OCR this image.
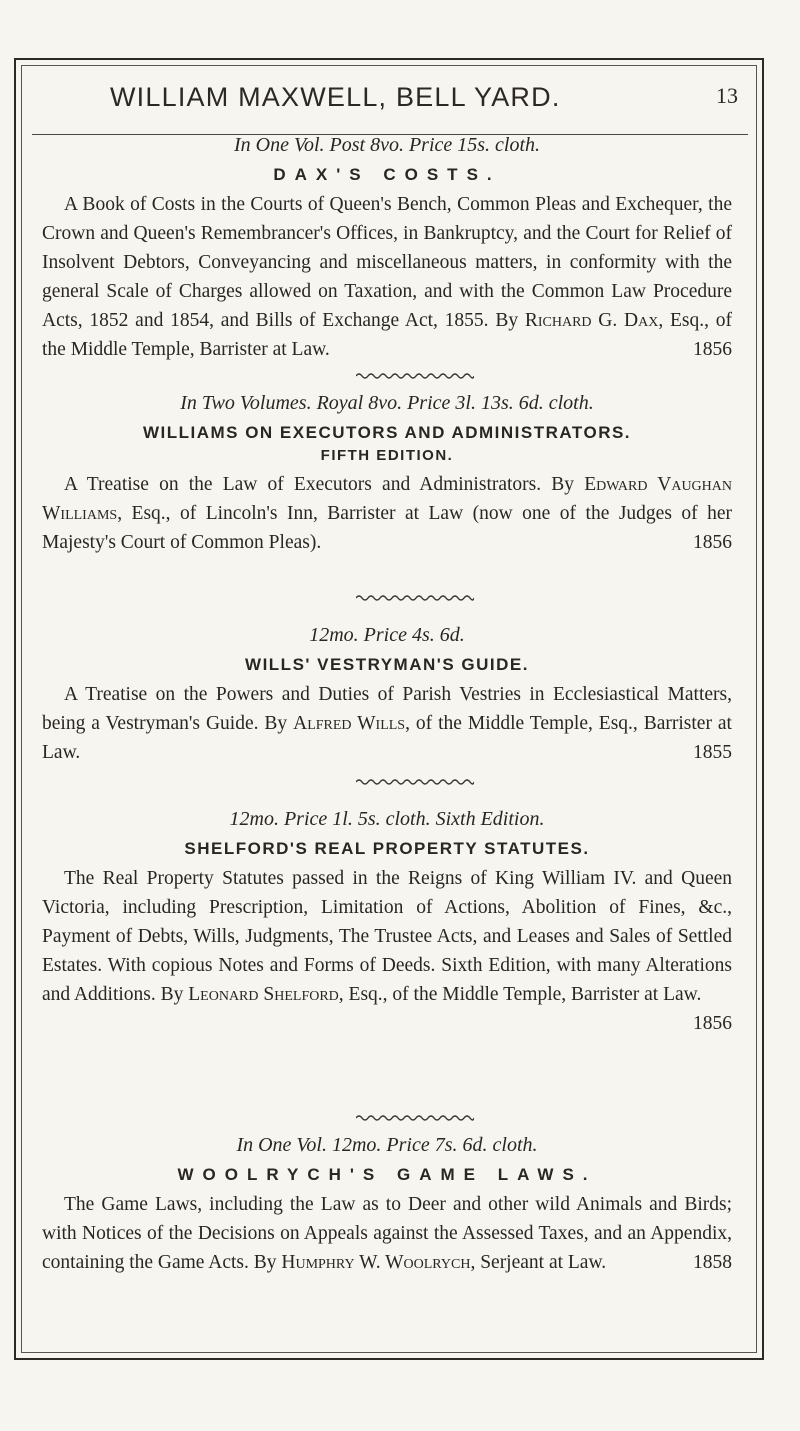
WILLIAM MAXWELL, BELL YARD.	13

In One Vol. Post 8vo. Price 15s. cloth.

DAX'S COSTS.

A Book of Costs in the Courts of Queen's Bench, Common Pleas and Exchequer, the Crown and Queen's Remembrancer's Offices, in Bankruptcy, and the Court for Relief of Insolvent Debtors, Conveyancing and miscellaneous matters, in conformity with the general Scale of Charges allowed on Taxation, and with the Common Law Procedure Acts, 1852 and 1854, and Bills of Exchange Act, 1855. By Richard G. Dax, Esq., of the Middle Temple, Barrister at Law.	1856

In Two Volumes. Royal 8vo. Price 3l. 13s. 6d. cloth.

WILLIAMS ON EXECUTORS AND ADMINISTRATORS.

FIFTH EDITION.

A Treatise on the Law of Executors and Administrators. By Edward Vaughan Williams, Esq., of Lincoln's Inn, Barrister at Law (now one of the Judges of her Majesty's Court of Common Pleas).	1856

12mo. Price 4s. 6d.

WILLS' VESTRYMAN'S GUIDE.

A Treatise on the Powers and Duties of Parish Vestries in Ecclesiastical Matters, being a Vestryman's Guide. By Alfred Wills, of the Middle Temple, Esq., Barrister at Law.	1855

12mo. Price 1l. 5s. cloth. Sixth Edition.

SHELFORD'S REAL PROPERTY STATUTES.

The Real Property Statutes passed in the Reigns of King William IV. and Queen Victoria, including Prescription, Limitation of Actions, Abolition of Fines, &c., Payment of Debts, Wills, Judgments, The Trustee Acts, and Leases and Sales of Settled Estates. With copious Notes and Forms of Deeds. Sixth Edition, with many Alterations and Additions. By Leonard Shelford, Esq., of the Middle Temple, Barrister at Law.
1856

In One Vol. 12mo. Price 7s. 6d. cloth.

WOOLRYCH'S GAME LAWS.

The Game Laws, including the Law as to Deer and other wild Animals and Birds; with Notices of the Decisions on Appeals against the Assessed Taxes, and an Appendix, containing the Game Acts. By Humphry W. Woolrych, Serjeant at Law.	1858
